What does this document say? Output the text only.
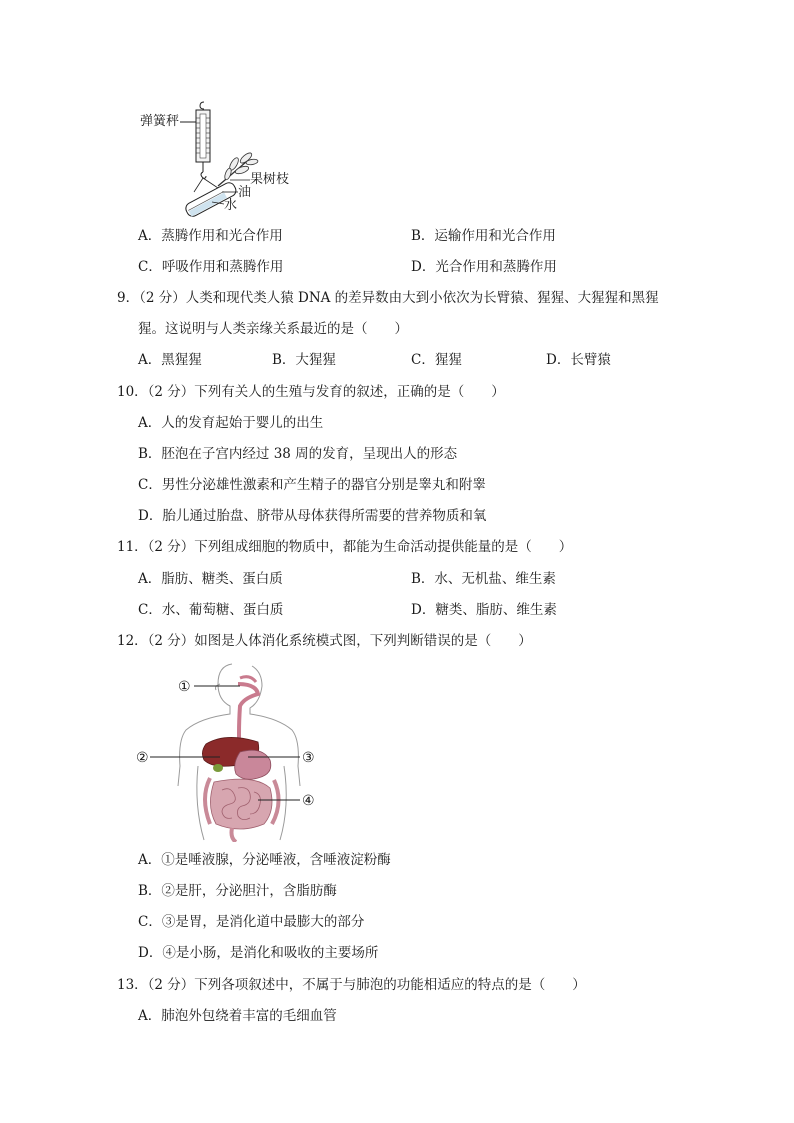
弹簧秤
果树枝
油
水
A．蒸腾作用和光合作用	B．运输作用和光合作用
C．呼吸作用和蒸腾作用	D．光合作用和蒸腾作用
9．（2 分）人类和现代类人猿 DNA 的差异数由大到小依次为长臂猿、猩猩、大猩猩和黑猩
猩。这说明与人类亲缘关系最近的是（　　）
A．黑猩猩	B．大猩猩	C．猩猩	D．长臂猿
10．（2 分）下列有关人的生殖与发育的叙述，正确的是（　　）
A．人的发育起始于婴儿的出生
B．胚泡在子宫内经过 38 周的发育，呈现出人的形态
C．男性分泌雄性激素和产生精子的器官分别是睾丸和附睾
D．胎儿通过胎盘、脐带从母体获得所需要的营养物质和氧
11．（2 分）下列组成细胞的物质中，都能为生命活动提供能量的是（　　）
A．脂肪、糖类、蛋白质	B．水、无机盐、维生素
C．水、葡萄糖、蛋白质	D．糖类、脂肪、维生素
12．（2 分）如图是人体消化系统模式图，下列判断错误的是（　　）
①
②	③
④
A．①是唾液腺，分泌唾液，含唾液淀粉酶
B．②是肝，分泌胆汁，含脂肪酶
C．③是胃，是消化道中最膨大的部分
D．④是小肠，是消化和吸收的主要场所
13．（2 分）下列各项叙述中，不属于与肺泡的功能相适应的特点的是（　　）
A．肺泡外包绕着丰富的毛细血管
